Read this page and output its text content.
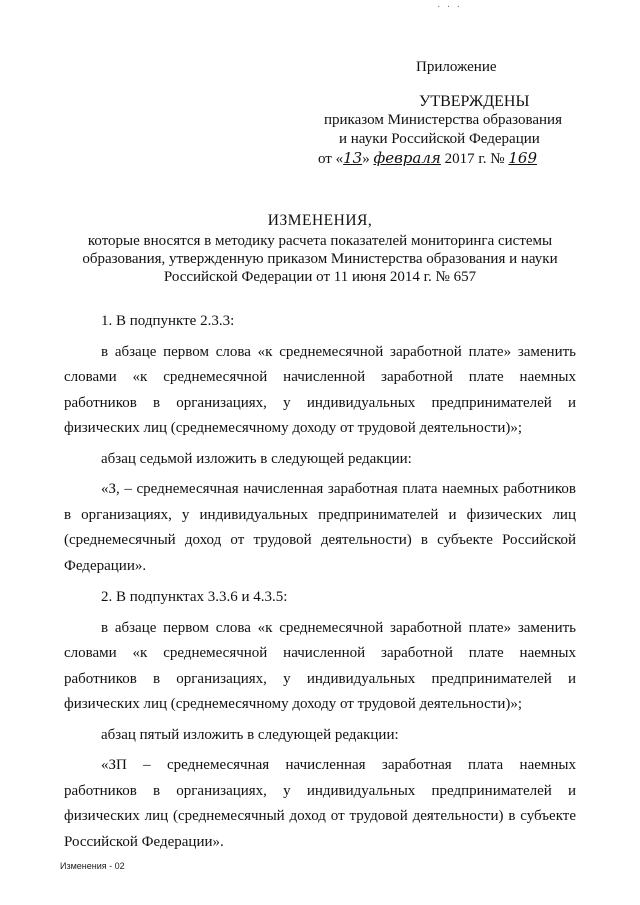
· · ·
Приложение
УТВЕРЖДЕНЫ
приказом Министерства образования
и науки Российской Федерации
от «13» февраля 2017 г. № 169
ИЗМЕНЕНИЯ,
которые вносятся в методику расчета показателей мониторинга системы
образования, утвержденную приказом Министерства образования и науки
Российской Федерации от 11 июня 2014 г. № 657

1. В подпункте 2.3.3:

в абзаце первом слова «к среднемесячной заработной плате» заменить словами «к среднемесячной начисленной заработной плате наемных работников в организациях, у индивидуальных предпринимателей и физических лиц (среднемесячному доходу от трудовой деятельности)»;

абзац седьмой изложить в следующей редакции:

«З, – среднемесячная начисленная заработная плата наемных работников в организациях, у индивидуальных предпринимателей и физических лиц (среднемесячный доход от трудовой деятельности) в субъекте Российской Федерации».

2. В подпунктах 3.3.6 и 4.3.5:

в абзаце первом слова «к среднемесячной заработной плате» заменить словами «к среднемесячной начисленной заработной плате наемных работников в организациях, у индивидуальных предпринимателей и физических лиц (среднемесячному доходу от трудовой деятельности)»;

абзац пятый изложить в следующей редакции:

«ЗП – среднемесячная начисленная заработная плата наемных работников в организациях, у индивидуальных предпринимателей и физических лиц (среднемесячный доход от трудовой деятельности) в субъекте Российской Федерации».

Изменения - 02
